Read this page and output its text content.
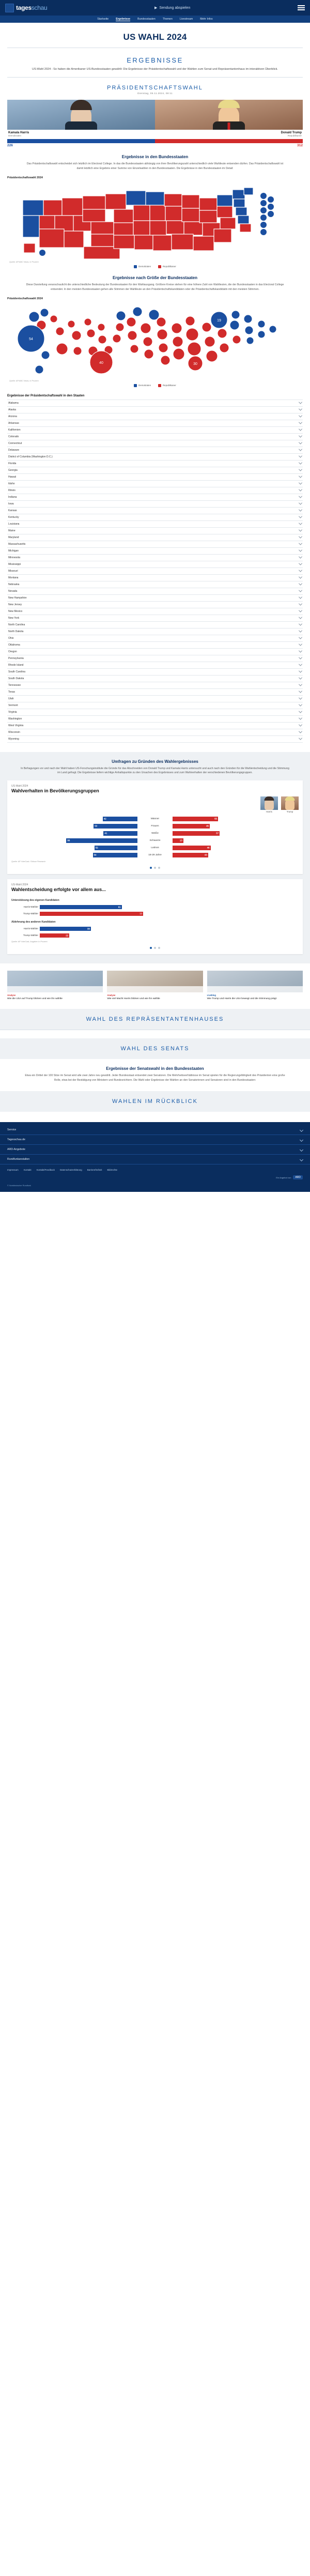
tagesschau	▶ Sendung abspielen
Startseite	Ergebnisse	Bundesstaaten	Themen	Livestream	Mehr Infos
US WAHL 2024
ERGEBNISSE
US-Wahl 2024 - So haben die Amerikaner US-Bundesstaaten gewählt: Die Ergebnisse der Präsidentschaftswahl und der Wahlen zum Senat und Repräsentantenhaus im interaktiven Überblick.
PRÄSIDENTSCHAFTSWAHL
Dienstag, 05.11.2024, 08:11
Kamala Harris
Demokraten
Donald Trump
Republikaner
226	312
Ergebnisse in den Bundesstaaten
Das Präsidentschaftswahl entscheidet sich letztlich im Electoral College. In das die Bundesstaaten abhängig von ihrer Bevölkerungszahl unterschiedlich viele Wahlleute entsenden dürfen. Das Präsidentschaftswahl ist damit letztlich eine Ergebnis einer Summe von Einzelwahlen in den Bundesstaaten. Die Ergebnisse in den Bundesstaaten im Detail:
Präsidentschaftswahl 2024
Quelle: AP/ABC News, in Prozent
Demokraten	Republikaner
Ergebnisse nach Größe der Bundesstaaten
Diese Darstellung veranschaulicht die unterschiedliche Bedeutung der Bundesstaaten für den Wahlausgang. Größere Kreise stehen für eine höhere Zahl von Wahlleuten, die der Bundesstaaten in das Electoral College entsendet. In den meisten Bundesstaaten gehen alle Stimmen der Wahlleute an den Präsidentschaftskandidaten oder die Präsidentschaftskandidatin mit den meisten Stimmen.
Präsidentschaftswahl 2024
54
40
19
30
Quelle: AP/ABC News, in Prozent
Demokraten	Republikaner
Ergebnisse der Präsidentschaftswahl in den Staaten
Alabama
Alaska
Arizona
Arkansas
Kalifornien
Colorado
Connecticut
Delaware
District of Columbia (Washington D.C.)
Florida
Georgia
Hawaii
Idaho
Illinois
Indiana
Iowa
Kansas
Kentucky
Louisiana
Maine
Maryland
Massachusetts
Michigan
Minnesota
Mississippi
Missouri
Montana
Nebraska
Nevada
New Hampshire
New Jersey
New Mexico
New York
North Carolina
North Dakota
Ohio
Oklahoma
Oregon
Pennsylvania
Rhode Island
South Carolina
South Dakota
Tennessee
Texas
Utah
Vermont
Virginia
Washington
West Virginia
Wisconsin
Wyoming
Umfragen zu Gründen des Wahlergebnisses
In Befragungen vor und nach der Wahl haben US-Forschungsinstitute die Gründe für das Abschneiden von Donald Trump und Kamala Harris untersucht und auch nach den Gründen für die Wahlentscheidung und die Stimmung im Land gefragt. Die Ergebnisse liefern wichtige Anhaltspunkte zu den Ursachen des Ergebnisses und zum Wahlverhalten der verschiedenen Bevölkerungsgruppen.
US-Wahl 2024
Wahlverhalten in Bevölkerungsgruppen
Harris	Trump
42	Männer	55
53	Frauen	45
41	Weiße	57
86	Schwarze	13
52	Latinos	46
54	18-29 Jahre	43
Quelle: AP VoteCast / Edison Research
US-Wahl 2024
Wahlentscheidung erfolgte vor allem aus...
Unterstützung des eigenen Kandidaten
Harris-Wähler	61
Trump-Wähler	77
Ablehnung des anderen Kandidaten
Harris-Wähler	38
Trump-Wähler	22
Quelle: AP VoteCast, Angaben in Prozent
Analyse
Wie die USA auf Trump blicken und wie ihn wählte
Analyse
Wie viel Macht Harris blicken und wie ihn wählte
Liveblog
Wie Trump und Harris die USA bewegt und die Stimmung prägt
WAHL DES REPRÄSENTANTENHAUSES
WAHL DES SENATS
Ergebnisse der Senatswahl in den Bundesstaaten
Etwa ein Drittel der 100 Sitze im Senat wird alle zwei Jahre neu gewählt. Jeder Bundesstaat entsendet zwei Senatoren. Die Mehrheitsverhältnisse im Senat spielen für die Regierungsfähigkeit des Präsidenten eine große Rolle, etwa bei der Bestätigung von Ministern und Bundesrichtern. Die Wahl oder Ergebnisse der Wahlen an den Senatorinnen und Senatoren sind in den Bundesstaaten:
WAHLEN IM RÜCKBLICK
Service
Tagesschau.de
ARD-Angebote
Rundfunkanstalten
Impressum Kontakt Kontakt/Feedback Datenschutzerklärung Barrierefreiheit Bildrechte
Ein Angebot von	ARD
© Norddeutscher Rundfunk
